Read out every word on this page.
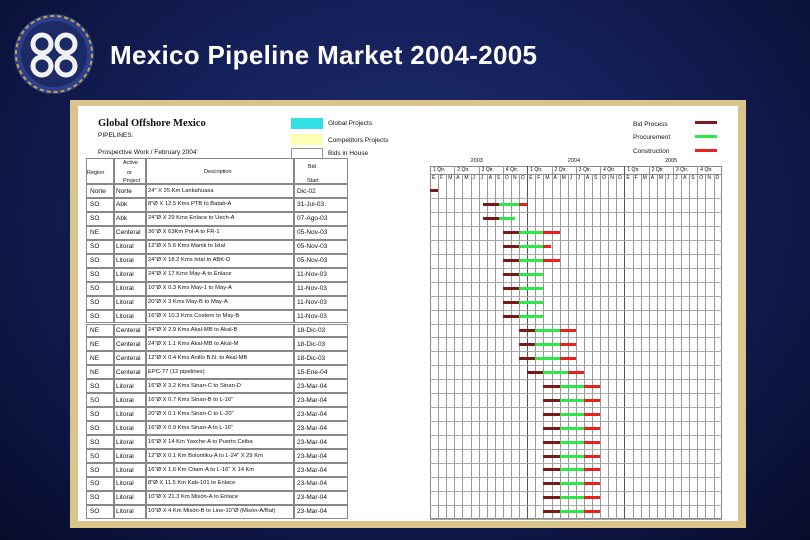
Mexico Pipeline Market 2004-2005
Global Offshore Mexico
PIPELINES:
Prospective Work / February 2004'
Global Projects
Competitors Projects
Bids in House
Bid Process
Procurement
Construction
Region
Active
or
Project
Description
Bid
Start
2003	2004	2005
1 Qtr. 2 Qtr. 3 Qtr. 4 Qtr. 1 Qtr. 2 Qtr. 3 Qtr. 4 Qtr. 1 Qtr. 2 Qtr. 3 Qtr. 4 Qtr.
E F M A M J J A S O N D E F M A M J J A S O N D E F M A M J J A S O N D
Norte Norte	24" X 25 Km Lankahuasa	Dic-02
SO	Abk	8"Ø X 12.5 Kms PTB to Batab-A	31-Jul-03
SO	Abk	24"Ø X 29 Kms Enlace to Uech-A	07-Ago-03
NE	Centeral 36"Ø X 63Km Pol-A to FR-1	05-Nov-03
SO	Litoral 12"Ø X 5.6 Kms Manik to Ixtal	05-Nov-03
SO	Litoral 24"Ø X 18.2 Kms Ixtal to ABK-D	05-Nov-03
SO	Litoral 24"Ø X 17 Kms May-A to Enlace	11-Nov-03
SO	Litoral 10"Ø X 0.3 Kms May-1 to May-A	11-Nov-03
SO	Litoral 20"Ø X 3 Kms May-B to May-A	11-Nov-03
SO	Litoral 16"Ø X 10.3 Kms Costero to May-B	11-Nov-03
NE	Centeral 24"Ø X 2.9 Kms Akal-MB to Akal-B	18-Dic-03
NE	Centeral 24"Ø X 1.1 Kms Akal-MB to Akal-M	18-Dic-03
NE	Centeral 12"Ø X 0.4 Kms Anillo B.N. to Akal-MB	18-Dic-03
NE	Centeral EPC-77 (12 pipelines)	15-Ene-04
SO	Litoral 16"Ø X 3.2 Kms Sinan-C to Sinan-D	23-Mar-04
SO	Litoral 16"Ø X 0.7 Kms Sinan-B to L-16"	23-Mar-04
SO	Litoral 20"Ø X 0.1 Kms Sinan-C to L-20"	23-Mar-04
SO	Litoral 16"Ø X 0.9 Kms Sinan-A to L-16"	23-Mar-04
SO	Litoral 16"Ø X 14 Km Yaxche-A to Puerto Ceiba	23-Mar-04
SO	Litoral 12"Ø X 0.1 Km Bolontiku-A to L-24" X 29 Km	23-Mar-04
SO	Litoral 16"Ø X 1.6 Km Citam-A to L-16" X 14 Km	23-Mar-04
SO	Litoral 8"Ø X 11.5 Km Kab-101 to Enlace	23-Mar-04
SO	Litoral 10"Ø X 21.3 Km Misón-A to Enlace	23-Mar-04
SO	Litoral 10"Ø X 4 Km Misón-B to Line-10"Ø (Misón-A/Bat)	23-Mar-04
